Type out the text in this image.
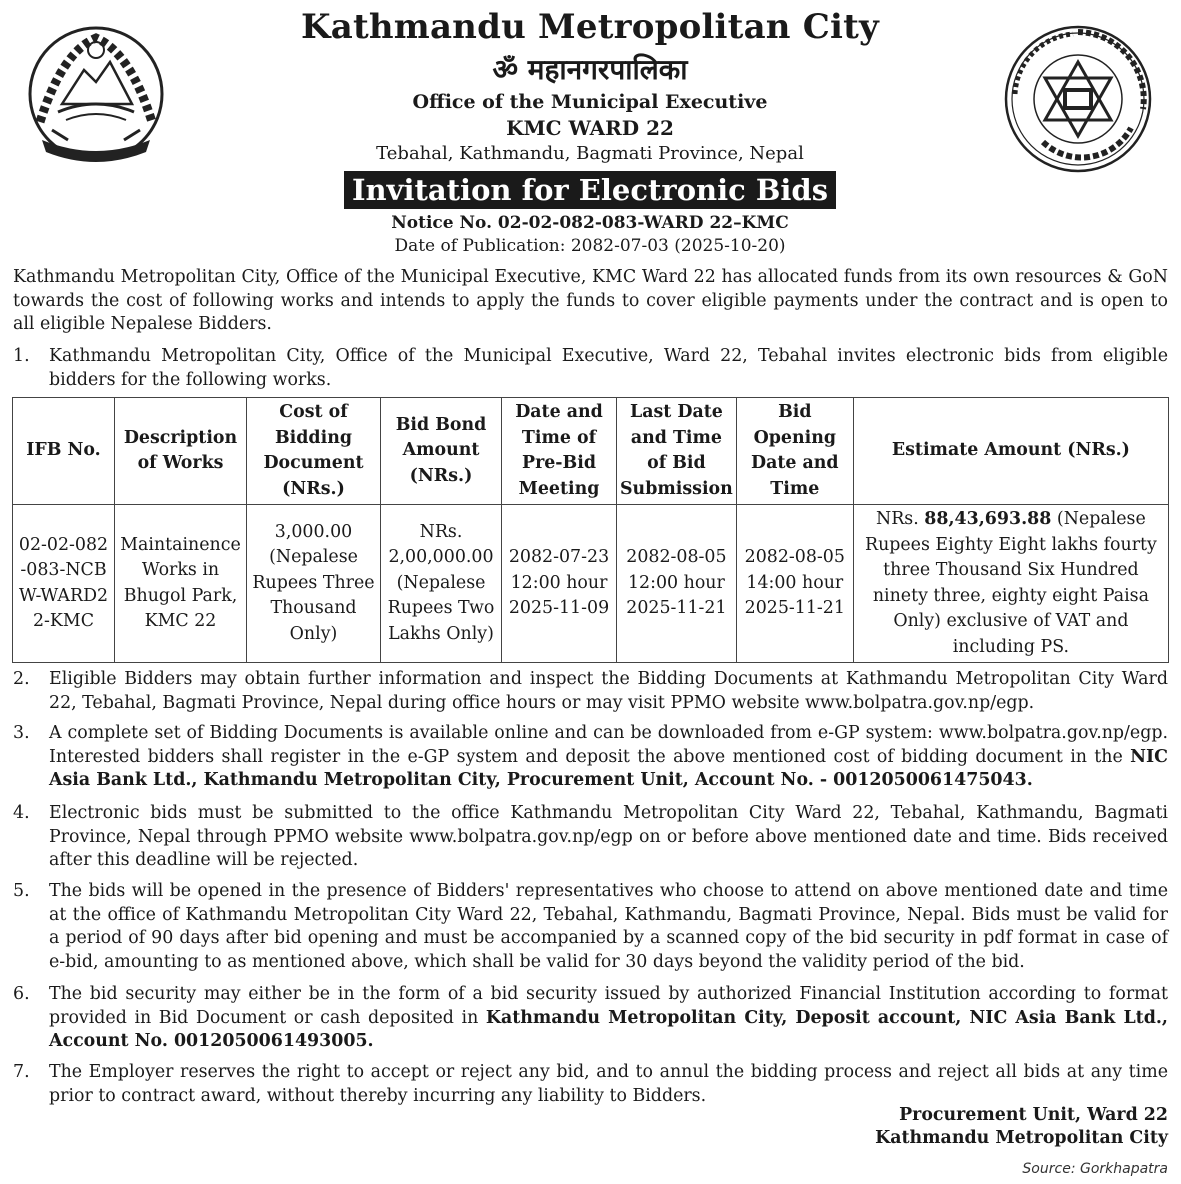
Kathmandu Metropolitan City
ॐ महानगरपालिका
Office of the Municipal Executive
KMC WARD 22
Tebahal, Kathmandu, Bagmati Province, Nepal
Invitation for Electronic Bids
Notice No. 02-02-082-083-WARD 22–KMC
Date of Publication: 2082-07-03 (2025-10-20)
Kathmandu Metropolitan City, Office of the Municipal Executive, KMC Ward 22 has allocated funds from its own resources & GoN towards the cost of following works and intends to apply the funds to cover eligible payments under the contract and is open to all eligible Nepalese Bidders.
1.	Kathmandu Metropolitan City, Office of the Municipal Executive, Ward 22, Tebahal invites electronic bids from eligible bidders for the following works.
IFB No.	Description of Works	Cost of Bidding Document (NRs.)	Bid Bond Amount (NRs.)	Date and Time of Pre-Bid Meeting	Last Date and Time of Bid Submission	Bid Opening Date and Time	Estimate Amount (NRs.)
02-02-082-083-NCBW-WARD22-KMC	Maintainence Works in Bhugol Park, KMC 22	3,000.00 (Nepalese Rupees Three Thousand Only)	NRs. 2,00,000.00 (Nepalese Rupees Two Lakhs Only)	2082-07-23 12:00 hour 2025-11-09	2082-08-05 12:00 hour 2025-11-21	2082-08-05 14:00 hour 2025-11-21	NRs. 88,43,693.88 (Nepalese Rupees Eighty Eight lakhs fourty three Thousand Six Hundred ninety three, eighty eight Paisa Only) exclusive of VAT and including PS.
2.	Eligible Bidders may obtain further information and inspect the Bidding Documents at Kathmandu Metropolitan City Ward 22, Tebahal, Bagmati Province, Nepal during office hours or may visit PPMO website www.bolpatra.gov.np/egp.
3.	A complete set of Bidding Documents is available online and can be downloaded from e-GP system: www.bolpatra.gov.np/egp. Interested bidders shall register in the e-GP system and deposit the above mentioned cost of bidding document in the NIC Asia Bank Ltd., Kathmandu Metropolitan City, Procurement Unit, Account No. - 0012050061475043.
4.	Electronic bids must be submitted to the office Kathmandu Metropolitan City Ward 22, Tebahal, Kathmandu, Bagmati Province, Nepal through PPMO website www.bolpatra.gov.np/egp on or before above mentioned date and time. Bids received after this deadline will be rejected.
5.	The bids will be opened in the presence of Bidders' representatives who choose to attend on above mentioned date and time at the office of Kathmandu Metropolitan City Ward 22, Tebahal, Kathmandu, Bagmati Province, Nepal. Bids must be valid for a period of 90 days after bid opening and must be accompanied by a scanned copy of the bid security in pdf format in case of e-bid, amounting to as mentioned above, which shall be valid for 30 days beyond the validity period of the bid.
6.	The bid security may either be in the form of a bid security issued by authorized Financial Institution according to format provided in Bid Document or cash deposited in Kathmandu Metropolitan City, Deposit account, NIC Asia Bank Ltd., Account No. 0012050061493005.
7.	The Employer reserves the right to accept or reject any bid, and to annul the bidding process and reject all bids at any time prior to contract award, without thereby incurring any liability to Bidders.
Procurement Unit, Ward 22
Kathmandu Metropolitan City
Source: Gorkhapatra
